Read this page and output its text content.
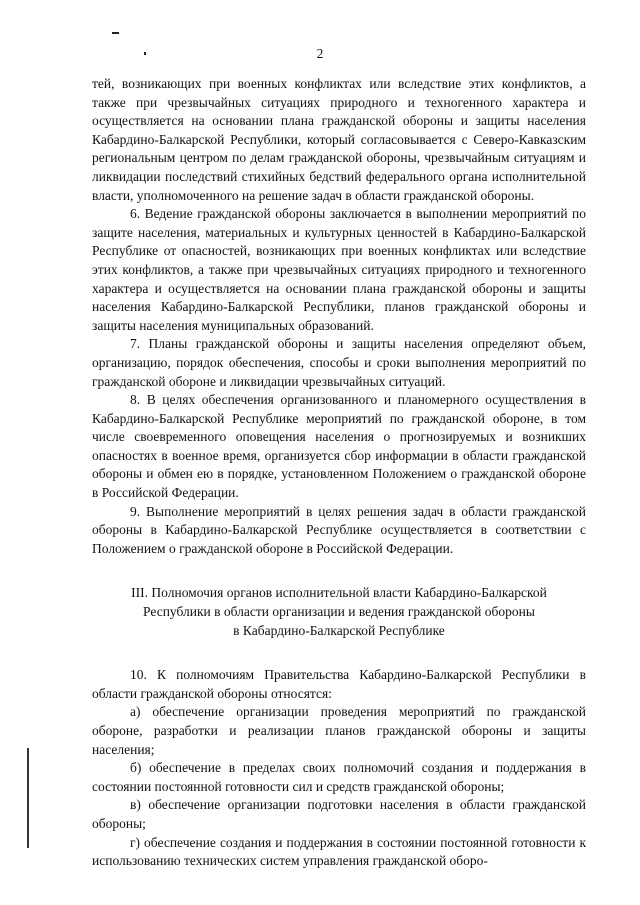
2

тей, возникающих при военных конфликтах или вследствие этих конфликтов, а также при чрезвычайных ситуациях природного и техногенного характера и осуществляется на основании плана гражданской обороны и защиты населения Кабардино-Балкарской Республики, который согласовывается с Северо-Кавказским региональным центром по делам гражданской обороны, чрезвычайным ситуациям и ликвидации последствий стихийных бедствий федерального органа исполнительной власти, уполномоченного на решение задач в области гражданской обороны.

6. Ведение гражданской обороны заключается в выполнении мероприятий по защите населения, материальных и культурных ценностей в Кабардино-Балкарской Республике от опасностей, возникающих при военных конфликтах или вследствие этих конфликтов, а также при чрезвычайных ситуациях природного и техногенного характера и осуществляется на основании плана гражданской обороны и защиты населения Кабардино-Балкарской Республики, планов гражданской обороны и защиты населения муниципальных образований.

7. Планы гражданской обороны и защиты населения определяют объем, организацию, порядок обеспечения, способы и сроки выполнения мероприятий по гражданской обороне и ликвидации чрезвычайных ситуаций.

8. В целях обеспечения организованного и планомерного осуществления в Кабардино-Балкарской Республике мероприятий по гражданской обороне, в том числе своевременного оповещения населения о прогнозируемых и возникших опасностях в военное время, организуется сбор информации в области гражданской обороны и обмен ею в порядке, установленном Положением о гражданской обороне в Российской Федерации.

9. Выполнение мероприятий в целях решения задач в области гражданской обороны в Кабардино-Балкарской Республике осуществляется в соответствии с Положением о гражданской обороне в Российской Федерации.

III. Полномочия органов исполнительной власти Кабардино-Балкарской
Республики в области организации и ведения гражданской обороны
в Кабардино-Балкарской Республике

10. К полномочиям Правительства Кабардино-Балкарской Республики в области гражданской обороны относятся:

а) обеспечение организации проведения мероприятий по гражданской обороне, разработки и реализации планов гражданской обороны и защиты населения;

б) обеспечение в пределах своих полномочий создания и поддержания в состоянии постоянной готовности сил и средств гражданской обороны;

в) обеспечение организации подготовки населения в области гражданской обороны;

г) обеспечение создания и поддержания в состоянии постоянной готовности к использованию технических систем управления гражданской оборо-
